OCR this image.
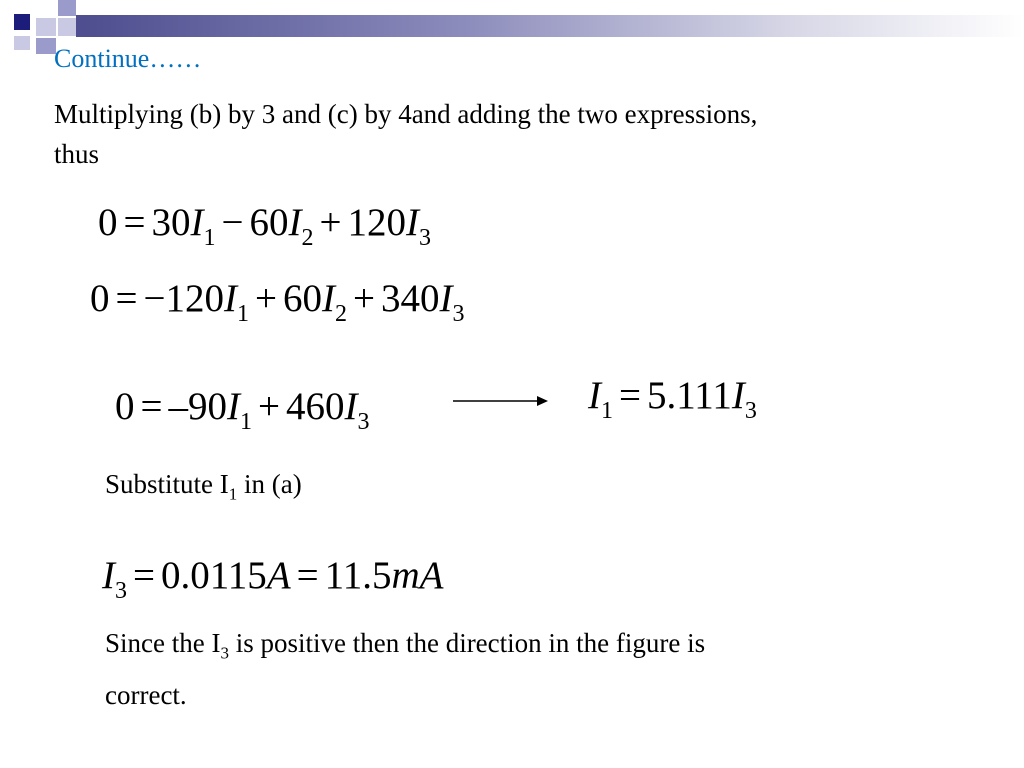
Continue……

Multiplying (b) by 3 and (c) by 4and adding the two expressions,

thus

$0 = 30I_1 - 60I_2 + 120I_3$
$0 = -120I_1 + 60I_2 + 340I_3$
$0 = -90I_1 + 460I_3$
$I_1 = 5.111I_3$
Substitute $I_1$ in (a)
$I_3 = 0.0115A = 11.5mA$

Since the $I_3$ is positive then the direction in the figure is

correct.
